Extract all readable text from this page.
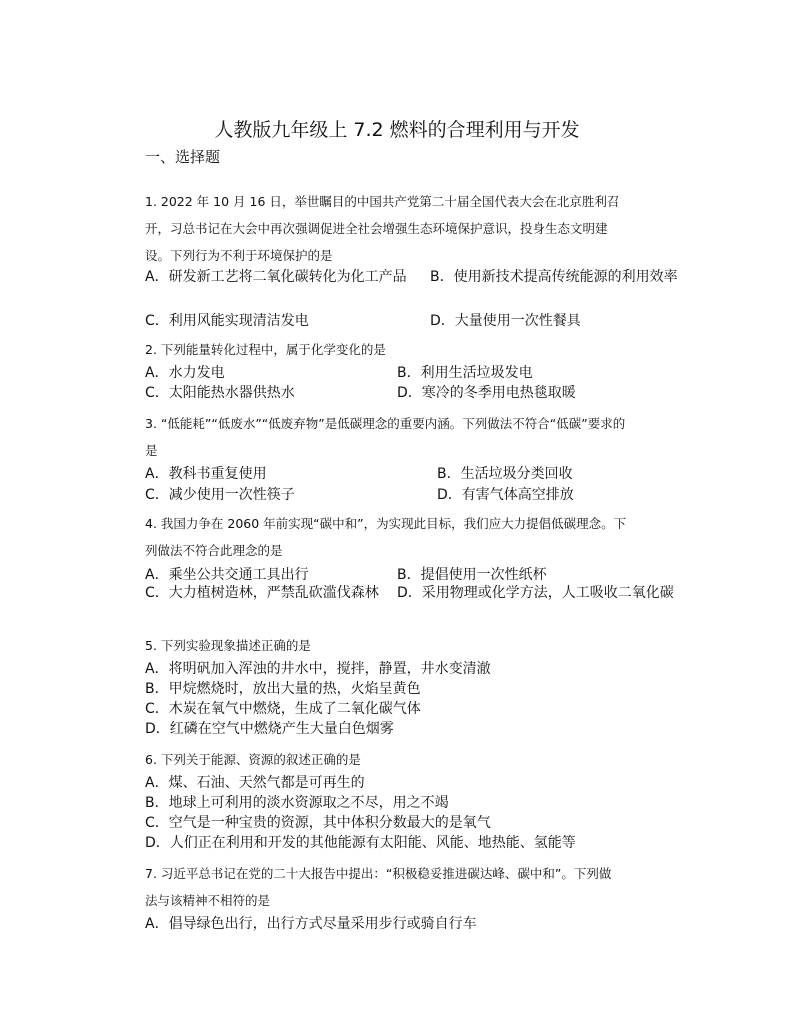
人教版九年级上 7.2 燃料的合理利用与开发
一、选择题
1. 2022 年 10 月 16 日，举世瞩目的中国共产党第二十届全国代表大会在北京胜利召
开，习总书记在大会中再次强调促进全社会增强生态环境保护意识，投身生态文明建
设。下列行为不利于环境保护的是
A．研发新工艺将二氧化碳转化为化工产品	B．使用新技术提高传统能源的利用效率
C．利用风能实现清洁发电	D．大量使用一次性餐具
2. 下列能量转化过程中，属于化学变化的是
A．水力发电	B．利用生活垃圾发电
C．太阳能热水器供热水	D．寒冷的冬季用电热毯取暖
3. “低能耗”“低废水”“低废弃物”是低碳理念的重要内涵。下列做法不符合“低碳”要求的
是
A．教科书重复使用	B．生活垃圾分类回收
C．减少使用一次性筷子	D．有害气体高空排放
4. 我国力争在 2060 年前实现“碳中和”，为实现此目标，我们应大力提倡低碳理念。下
列做法不符合此理念的是
A．乘坐公共交通工具出行	B．提倡使用一次性纸杯
C．大力植树造林，严禁乱砍滥伐森林	D．采用物理或化学方法，人工吸收二氧化碳
5. 下列实验现象描述正确的是
A．将明矾加入浑浊的井水中，搅拌，静置，井水变清澈
B．甲烷燃烧时，放出大量的热，火焰呈黄色
C．木炭在氧气中燃烧，生成了二氧化碳气体
D．红磷在空气中燃烧产生大量白色烟雾
6. 下列关于能源、资源的叙述正确的是
A．煤、石油、天然气都是可再生的
B．地球上可利用的淡水资源取之不尽，用之不竭
C．空气是一种宝贵的资源，其中体积分数最大的是氧气
D．人们正在利用和开发的其他能源有太阳能、风能、地热能、氢能等
7. 习近平总书记在党的二十大报告中提出：“积极稳妥推进碳达峰、碳中和”。下列做
法与该精神不相符的是
A．倡导绿色出行，出行方式尽量采用步行或骑自行车
